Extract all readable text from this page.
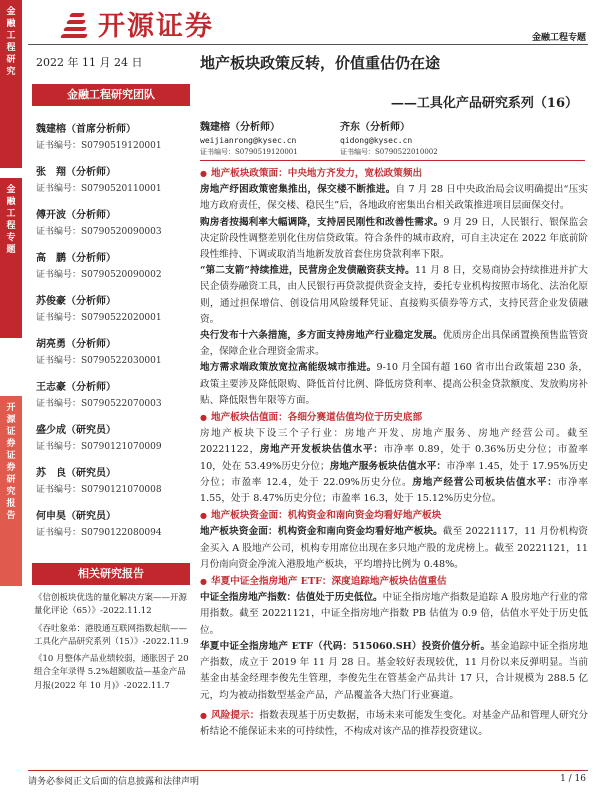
开源证券	金融工程专题
金
融
工
程
研
究
金
融
工
程
专
题
开
源
证
券
证
券
研
究
报
告
2022 年 11 月 24 日	地产板块政策反转，价值重估仍在途
——工具化产品研究系列（16）
金融工程研究团队
魏建榕（首席分析师）
证书编号：S0790519120001
张　翔（分析师）
证书编号：S0790520110001
傅开波（分析师）
证书编号：S0790520090003
高　鹏（分析师）
证书编号：S0790520090002
苏俊豪（分析师）
证书编号：S0790522020001
胡亮勇（分析师）
证书编号：S0790522030001
王志豪（分析师）
证书编号：S0790522070003
盛少成（研究员）
证书编号：S0790121070009
苏　良（研究员）
证书编号：S0790121070008
何申昊（研究员）
证书编号：S0790122080094
相关研究报告
《信创板块优选的量化解决方案——开源量化评论（65）》-2022.11.12
《吞吐象弟：港股通互联网指数起航——工具化产品研究系列（15）》-2022.11.9
《10 月整体产品业绩较弱，通胀因子 20 组合全年录得 5.2%超额收益—基金产品月报(2022 年 10 月)》-2022.11.7
魏建榕（分析师）
weijianrong@kysec.cn
证书编号：S0790519120001
齐东（分析师）
qidong@kysec.cn
证书编号：S0790522010002

● 地产板块政策面：中央地方齐发力，宽松政策频出

房地产纾困政策密集推出，保交楼不断推进。自 7 月 28 日中央政治局会议明确提出“压实地方政府责任，保交楼、稳民生”后，各地政府密集出台相关政策推进项目层面保交付。

购房者按揭利率大幅调降，支持居民刚性和改善性需求。9 月 29 日，人民银行、银保监会决定阶段性调整差别化住房信贷政策。符合条件的城市政府，可自主决定在 2022 年底前阶段性维持、下调或取消当地新发放首套住房贷款利率下限。

“第二支箭”持续推进，民营房企发债融资获支持。11 月 8 日，交易商协会持续推进并扩大民企债券融资工具，由人民银行再贷款提供资金支持，委托专业机构按照市场化、法治化原则，通过担保增信、创设信用风险缓释凭证、直接购买债券等方式，支持民营企业发债融资。

央行发布十六条措施，多方面支持房地产行业稳定发展。优质房企出具保函置换预售监管资金，保障企业合理资金需求。

地方需求端政策放宽拉高能级城市推进。9-10 月全国有超 160 省市出台政策超 230 条，政策主要涉及降低限购、降低首付比例、降低房贷利率、提高公积金贷款额度、发放购房补贴、降低限售年限等方面。

● 地产板块估值面：各细分赛道估值均位于历史底部

房地产板块下设三个子行业：房地产开发、房地产服务、房地产经营公司。截至 20221122，房地产开发板块估值水平：市净率 0.89，处于 0.36%历史分位；市盈率 10，处在 53.49%历史分位；房地产服务板块估值水平：市净率 1.45，处于 17.95%历史分位；市盈率 12.4，处于 22.09%历史分位。房地产经营公司板块估值水平：市净率 1.55，处于 8.47%历史分位；市盈率 16.3，处于 15.12%历史分位。

● 地产板块资金面：机构资金和南向资金均看好地产板块

地产板块资金面：机构资金和南向资金均看好地产板块。截至 20221117，11 月份机构资金买入 A 股地产公司，机构专用席位出现在多只地产股的龙虎榜上。截至 20221121，11 月份南向资金净流入港股地产板块，平均增持比例为 0.48%。

● 华夏中证全指房地产 ETF：深度追踪地产板块估值重估

中证全指房地产指数：估值处于历史低位。中证全指房地产指数是追踪 A 股房地产行业的常用指数。截至 20221121，中证全指房地产指数 PB 估值为 0.9 倍，估值水平处于历史低位。

华夏中证全指房地产 ETF（代码：515060.SH）投资价值分析。基金追踪中证全指房地产指数，成立于 2019 年 11 月 28 日。基金较好表现较优，11 月份以来反弹明显。当前基金由基金经理李俊先生管理，李俊先生在管基金产品共计 17 只，合计规模为 288.5 亿元，均为被动指数型基金产品，产品覆盖各大热门行业赛道。

● 风险提示：指数表现基于历史数据，市场未来可能发生变化。对基金产品和管理人研究分析结论不能保证未来的可持续性，不构成对该产品的推荐投资建议。

请务必参阅正文后面的信息披露和法律声明	1 / 16
